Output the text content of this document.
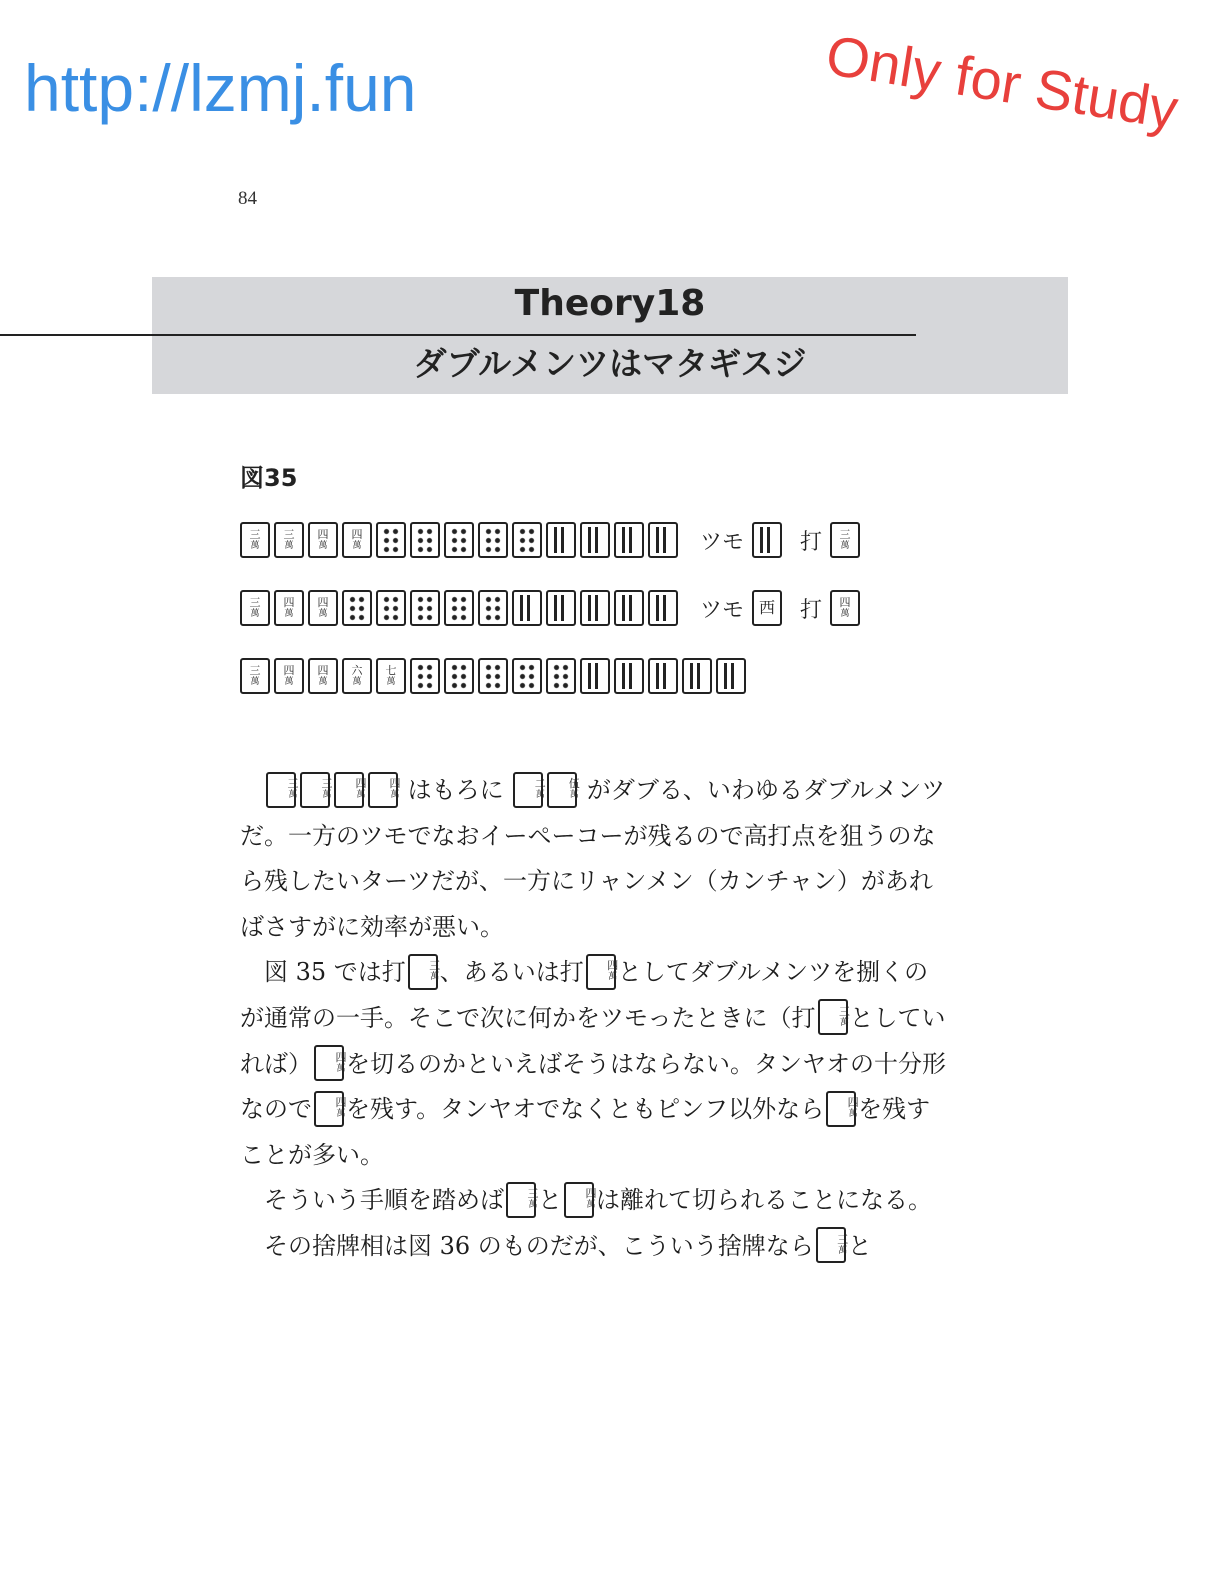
http://lzmj.fun	Only for Study
84
Theory18
ダブルメンツはマタギスジ
図35
三
萬
三
萬
四
萬
四
萬	ツモ	打 三
萬
三
萬
四
萬
四
萬	ツモ 西 打 四
萬
三
萬
四
萬
四
萬
六
萬
七
萬

三
萬
三
萬
四
萬
四
萬 はもろに	二
萬
伍
萬 がダブる、いわゆるダブルメンツだ。一方のツモでなおイーペーコーが残るので高打点を狙うのなら残したいターツだが、一方にリャンメン（カンチャン）があればさすがに効率が悪い。

図 35 では打	三
萬 、あるいは打	四
萬 としてダブルメンツを捌くのが通常の一手。そこで次に何かをツモったときに（打	三
萬 としていれば）	四
萬 を切るのかといえばそうはならない。タンヤオの十分形なので	四
萬 を残す。タンヤオでなくともピンフ以外なら	四
萬 を残すことが多い。

そういう手順を踏めば	三
萬 と	四
萬 は離れて切られることになる。

その捨牌相は図 36 のものだが、こういう捨牌なら	三
萬 と
